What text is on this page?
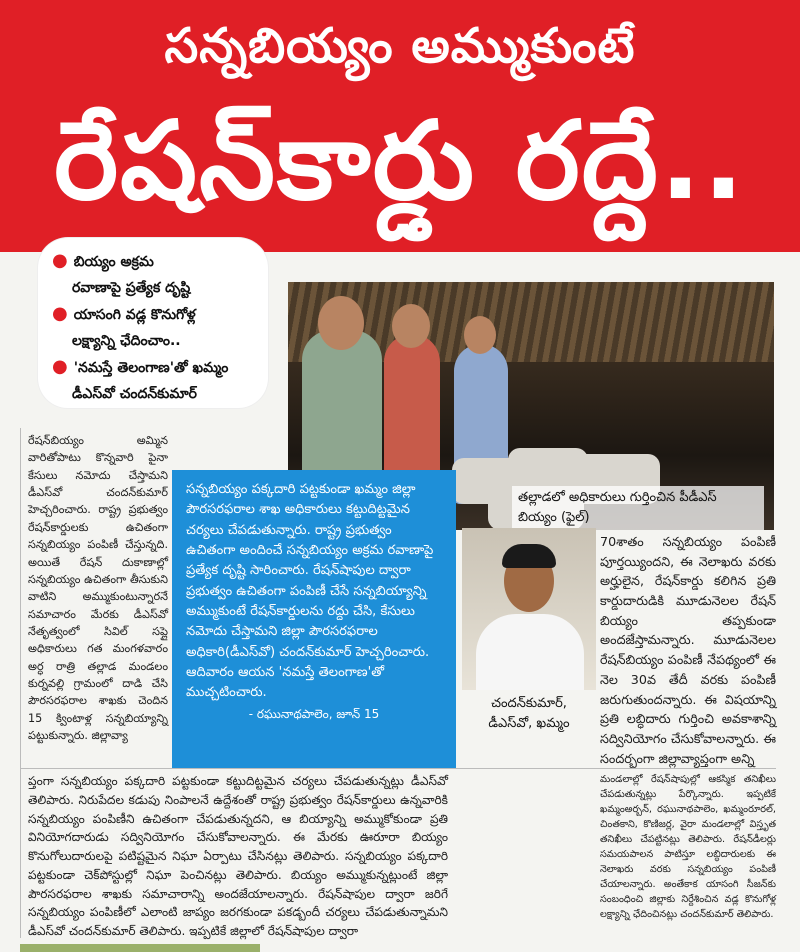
సన్నబియ్యం అమ్ముకుంటే
రేషన్‌కార్డు రద్దే..
● బియ్యం అక్రమ
రవాణాపై ప్రత్యేక దృష్టి
● యాసంగి వడ్ల కొనుగోళ్ల
లక్ష్యాన్ని ఛేదించాం..
● 'నమస్తే తెలంగాణ'తో ఖమ్మం
డీఎస్‌వో చందన్‌కుమార్
తల్లాడలో అధికారులు గుర్తించిన పీడీఎస్ బియ్యం (ఫైల్)
సన్నబియ్యం పక్కదారి పట్టకుండా ఖమ్మం జిల్లా పౌరసరఫరాల శాఖ అధికారులు కట్టుదిట్టమైన చర్యలు చేపడుతున్నారు. రాష్ట్ర ప్రభుత్వం ఉచితంగా అందించే సన్నబియ్యం అక్రమ రవాణాపై ప్రత్యేక దృష్టి సారించారు. రేషన్‌షాపుల ద్వారా ప్రభుత్వం ఉచితంగా పంపిణీ చేసే సన్నబియ్యాన్ని అమ్ముకుంటే రేషన్‌కార్డులను రద్దు చేసి, కేసులు నమోదు చేస్తామని జిల్లా పౌరసరఫరాల అధికారి(డీఎస్‌వో) చందన్‌కుమార్ హెచ్చరించారు. ఆదివారం ఆయన 'నమస్తే తెలంగాణ'తో ముచ్చటించారు.
- రఘునాథపాలెం, జూన్ 15
చందన్‌కుమార్,
డీఎస్‌వో, ఖమ్మం
రేషన్‌బియ్యం అమ్మిన వారితోపాటు కొన్నవారి పైనా కేసులు నమోదు చేస్తామని డీఎస్‌వో చందన్‌కుమార్ హెచ్చరించారు. రాష్ట్ర ప్రభుత్వం రేషన్‌కార్డులకు ఉచితంగా సన్నబియ్యం పంపిణీ చేస్తున్నది. అయితే రేషన్ దుకాణాల్లో సన్నబియ్యం ఉచితంగా తీసుకుని వాటిని అమ్ముకుంటున్నారనే సమాచారం మేరకు డీఎస్‌వో నేతృత్వంలో సివిల్ సప్లై అధికారులు గత మంగళవారం అర్ధ రాత్రి తల్లాడ మండలం కుర్నవల్లి గ్రామంలో దాడి చేసి పౌరసరఫరాల శాఖకు చెందిన 15 క్వింటాళ్ల సన్నబియ్యాన్ని పట్టుకున్నారు. జిల్లావ్యా
ప్తంగా సన్నబియ్యం పక్కదారి పట్టకుండా కట్టుదిట్టమైన చర్యలు చేపడుతున్నట్లు డీఎస్‌వో తెలిపారు. నిరుపేదల కడుపు నింపాలనే ఉద్దేశంతో రాష్ట్ర ప్రభుత్వం రేషన్‌కార్డులు ఉన్నవారికి సన్నబియ్యం పంపిణీని ఉచితంగా చేపడుతున్నదని, ఆ బియ్యాన్ని అమ్ముకోకుండా ప్రతి వినియోగదారుడు సద్వినియోగం చేసుకోవాలన్నారు. ఈ మేరకు ఊరూరా బియ్యం కొనుగోలుదారులపై పటిష్టమైన నిఘా ఏర్పాటు చేసినట్లు తెలిపారు. సన్నబియ్యం పక్కదారి పట్టకుండా చెక్‌పోస్టుల్లో నిఘా పెంచినట్లు తెలిపారు. బియ్యం అమ్ముకున్నట్లుంటే జిల్లా పౌరసరఫరాల శాఖకు సమాచారాన్ని అందజేయాలన్నారు. రేషన్‌షాపుల ద్వారా జరిగే సన్నబియ్యం పంపిణీలో ఎలాంటి జాప్యం జరగకుండా పకడ్బందీ చర్యలు చేపడుతున్నామని డీఎస్‌వో చందన్‌కుమార్ తెలిపారు. ఇప్పటికే జిల్లాలో రేషన్‌షాపుల ద్వారా
70శాతం సన్నబియ్యం పంపిణీ పూర్తయ్యిందని, ఈ నెలాఖరు వరకు అర్హులైన, రేషన్‌కార్డు కలిగిన ప్రతి కార్డుదారుడికి మూడునెలల రేషన్ బియ్యం తప్పకుండా అందజేస్తామన్నారు. మూడునెలల రేషన్‌బియ్యం పంపిణీ నేపథ్యంలో ఈ నెల 30వ తేదీ వరకు పంపిణీ జరుగుతుందన్నారు. ఈ విషయాన్ని ప్రతి లబ్ధిదారు గుర్తించి అవకాశాన్ని సద్వినియోగం చేసుకోవాలన్నారు. ఈ సందర్భంగా జిల్లావ్యాప్తంగా అన్ని
మండలాల్లో రేషన్‌షాపుల్లో ఆకస్మిక తనిఖీలు చేపడుతున్నట్లు పేర్కొన్నారు. ఇప్పటికే ఖమ్మంఅర్బన్, రఘునాథపాలెం, ఖమ్మంరూరల్, చింతకాని, కొణిజర్ల, వైరా మండలాల్లో విస్తృత తనిఖీలు చేపట్టినట్లు తెలిపారు. రేషన్‌డీలర్లు సమయపాలన పాటిస్తూ లబ్ధిదారులకు ఈ నెలాఖరు వరకు సన్నబియ్యం పంపిణీ చేయాలన్నారు. అంతేకాక యాసంగి సీజన్‌కు సంబంధించి జిల్లాకు నిర్దేశించిన వడ్ల కొనుగోళ్ల లక్ష్యాన్ని ఛేదించినట్లు చందన్‌కుమార్ తెలిపారు.
